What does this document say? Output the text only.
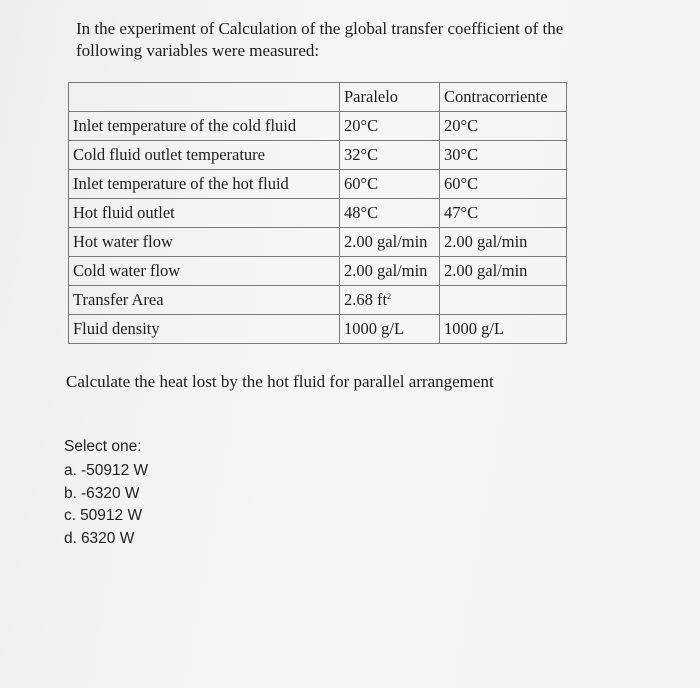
In the experiment of Calculation of the global transfer coefficient of the following variables were measured:
	Paralelo	Contracorriente
Inlet temperature of the cold fluid	20°C	20°C
Cold fluid outlet temperature	32°C	30°C
Inlet temperature of the hot fluid	60°C	60°C
Hot fluid outlet	48°C	47°C
Hot water flow	2.00 gal/min	2.00 gal/min
Cold water flow	2.00 gal/min	2.00 gal/min
Transfer Area	2.68 $ft^2$	
Fluid density	1000 g/L	1000 g/L
Calculate the heat lost by the hot fluid for parallel arrangement
Select one:
a. -50912 W
b. -6320 W
c. 50912 W
d. 6320 W
